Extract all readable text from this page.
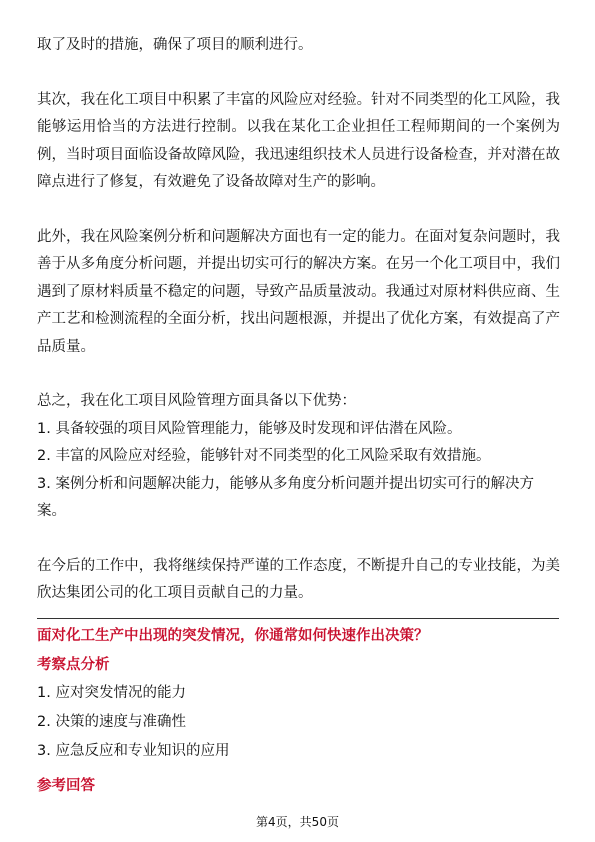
取了及时的措施，确保了项目的顺利进行。

其次，我在化工项目中积累了丰富的风险应对经验。针对不同类型的化工风险，我能够运用恰当的方法进行控制。以我在某化工企业担任工程师期间的一个案例为例，当时项目面临设备故障风险，我迅速组织技术人员进行设备检查，并对潜在故障点进行了修复，有效避免了设备故障对生产的影响。

此外，我在风险案例分析和问题解决方面也有一定的能力。在面对复杂问题时，我善于从多角度分析问题，并提出切实可行的解决方案。在另一个化工项目中，我们遇到了原材料质量不稳定的问题，导致产品质量波动。我通过对原材料供应商、生产工艺和检测流程的全面分析，找出问题根源，并提出了优化方案，有效提高了产品质量。

总之，我在化工项目风险管理方面具备以下优势：

1. 具备较强的项目风险管理能力，能够及时发现和评估潜在风险。

2. 丰富的风险应对经验，能够针对不同类型的化工风险采取有效措施。

3. 案例分析和问题解决能力，能够从多角度分析问题并提出切实可行的解决方案。

在今后的工作中，我将继续保持严谨的工作态度，不断提升自己的专业技能，为美欣达集团公司的化工项目贡献自己的力量。

面对化工生产中出现的突发情况，你通常如何快速作出决策？

考察点分析

1. 应对突发情况的能力
2. 决策的速度与准确性
3. 应急反应和专业知识的应用

参考回答

第4页，共50页
